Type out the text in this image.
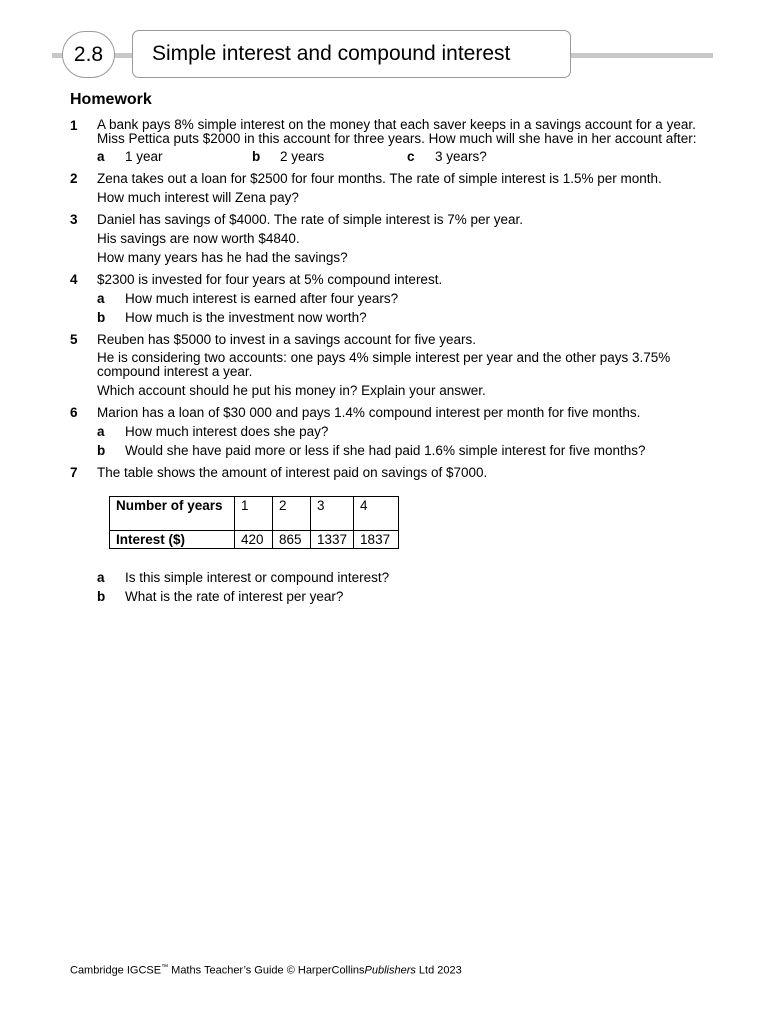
2.8	Simple interest and compound interest
Homework
1 A bank pays 8% simple interest on the money that each saver keeps in a savings account for a year. Miss Pettica puts $2000 in this account for three years. How much will she have in her account after:

a 1 year	b 2 years	c 3 years?
2 Zena takes out a loan for $2500 for four months. The rate of simple interest is 1.5% per month.

How much interest will Zena pay?

3 Daniel has savings of $4000. The rate of simple interest is 7% per year.

His savings are now worth $4840.

How many years has he had the savings?

4 $2300 is invested for four years at 5% compound interest.

a How much interest is earned after four years?
b How much is the investment now worth?
5 Reuben has $5000 to invest in a savings account for five years.

He is considering two accounts: one pays 4% simple interest per year and the other pays 3.75% compound interest a year.

Which account should he put his money in? Explain your answer.

6 Marion has a loan of $30 000 and pays 1.4% compound interest per month for five months.

a How much interest does she pay?
b Would she have paid more or less if she had paid 1.6% simple interest for five months?
7 The table shows the amount of interest paid on savings of $7000.

Number of years	1	2	3	4
Interest ($)	420	865	1337	1837
a Is this simple interest or compound interest?
b What is the rate of interest per year?
Cambridge IGCSE™ Maths Teacher’s Guide © HarperCollinsPublishers Ltd 2023
